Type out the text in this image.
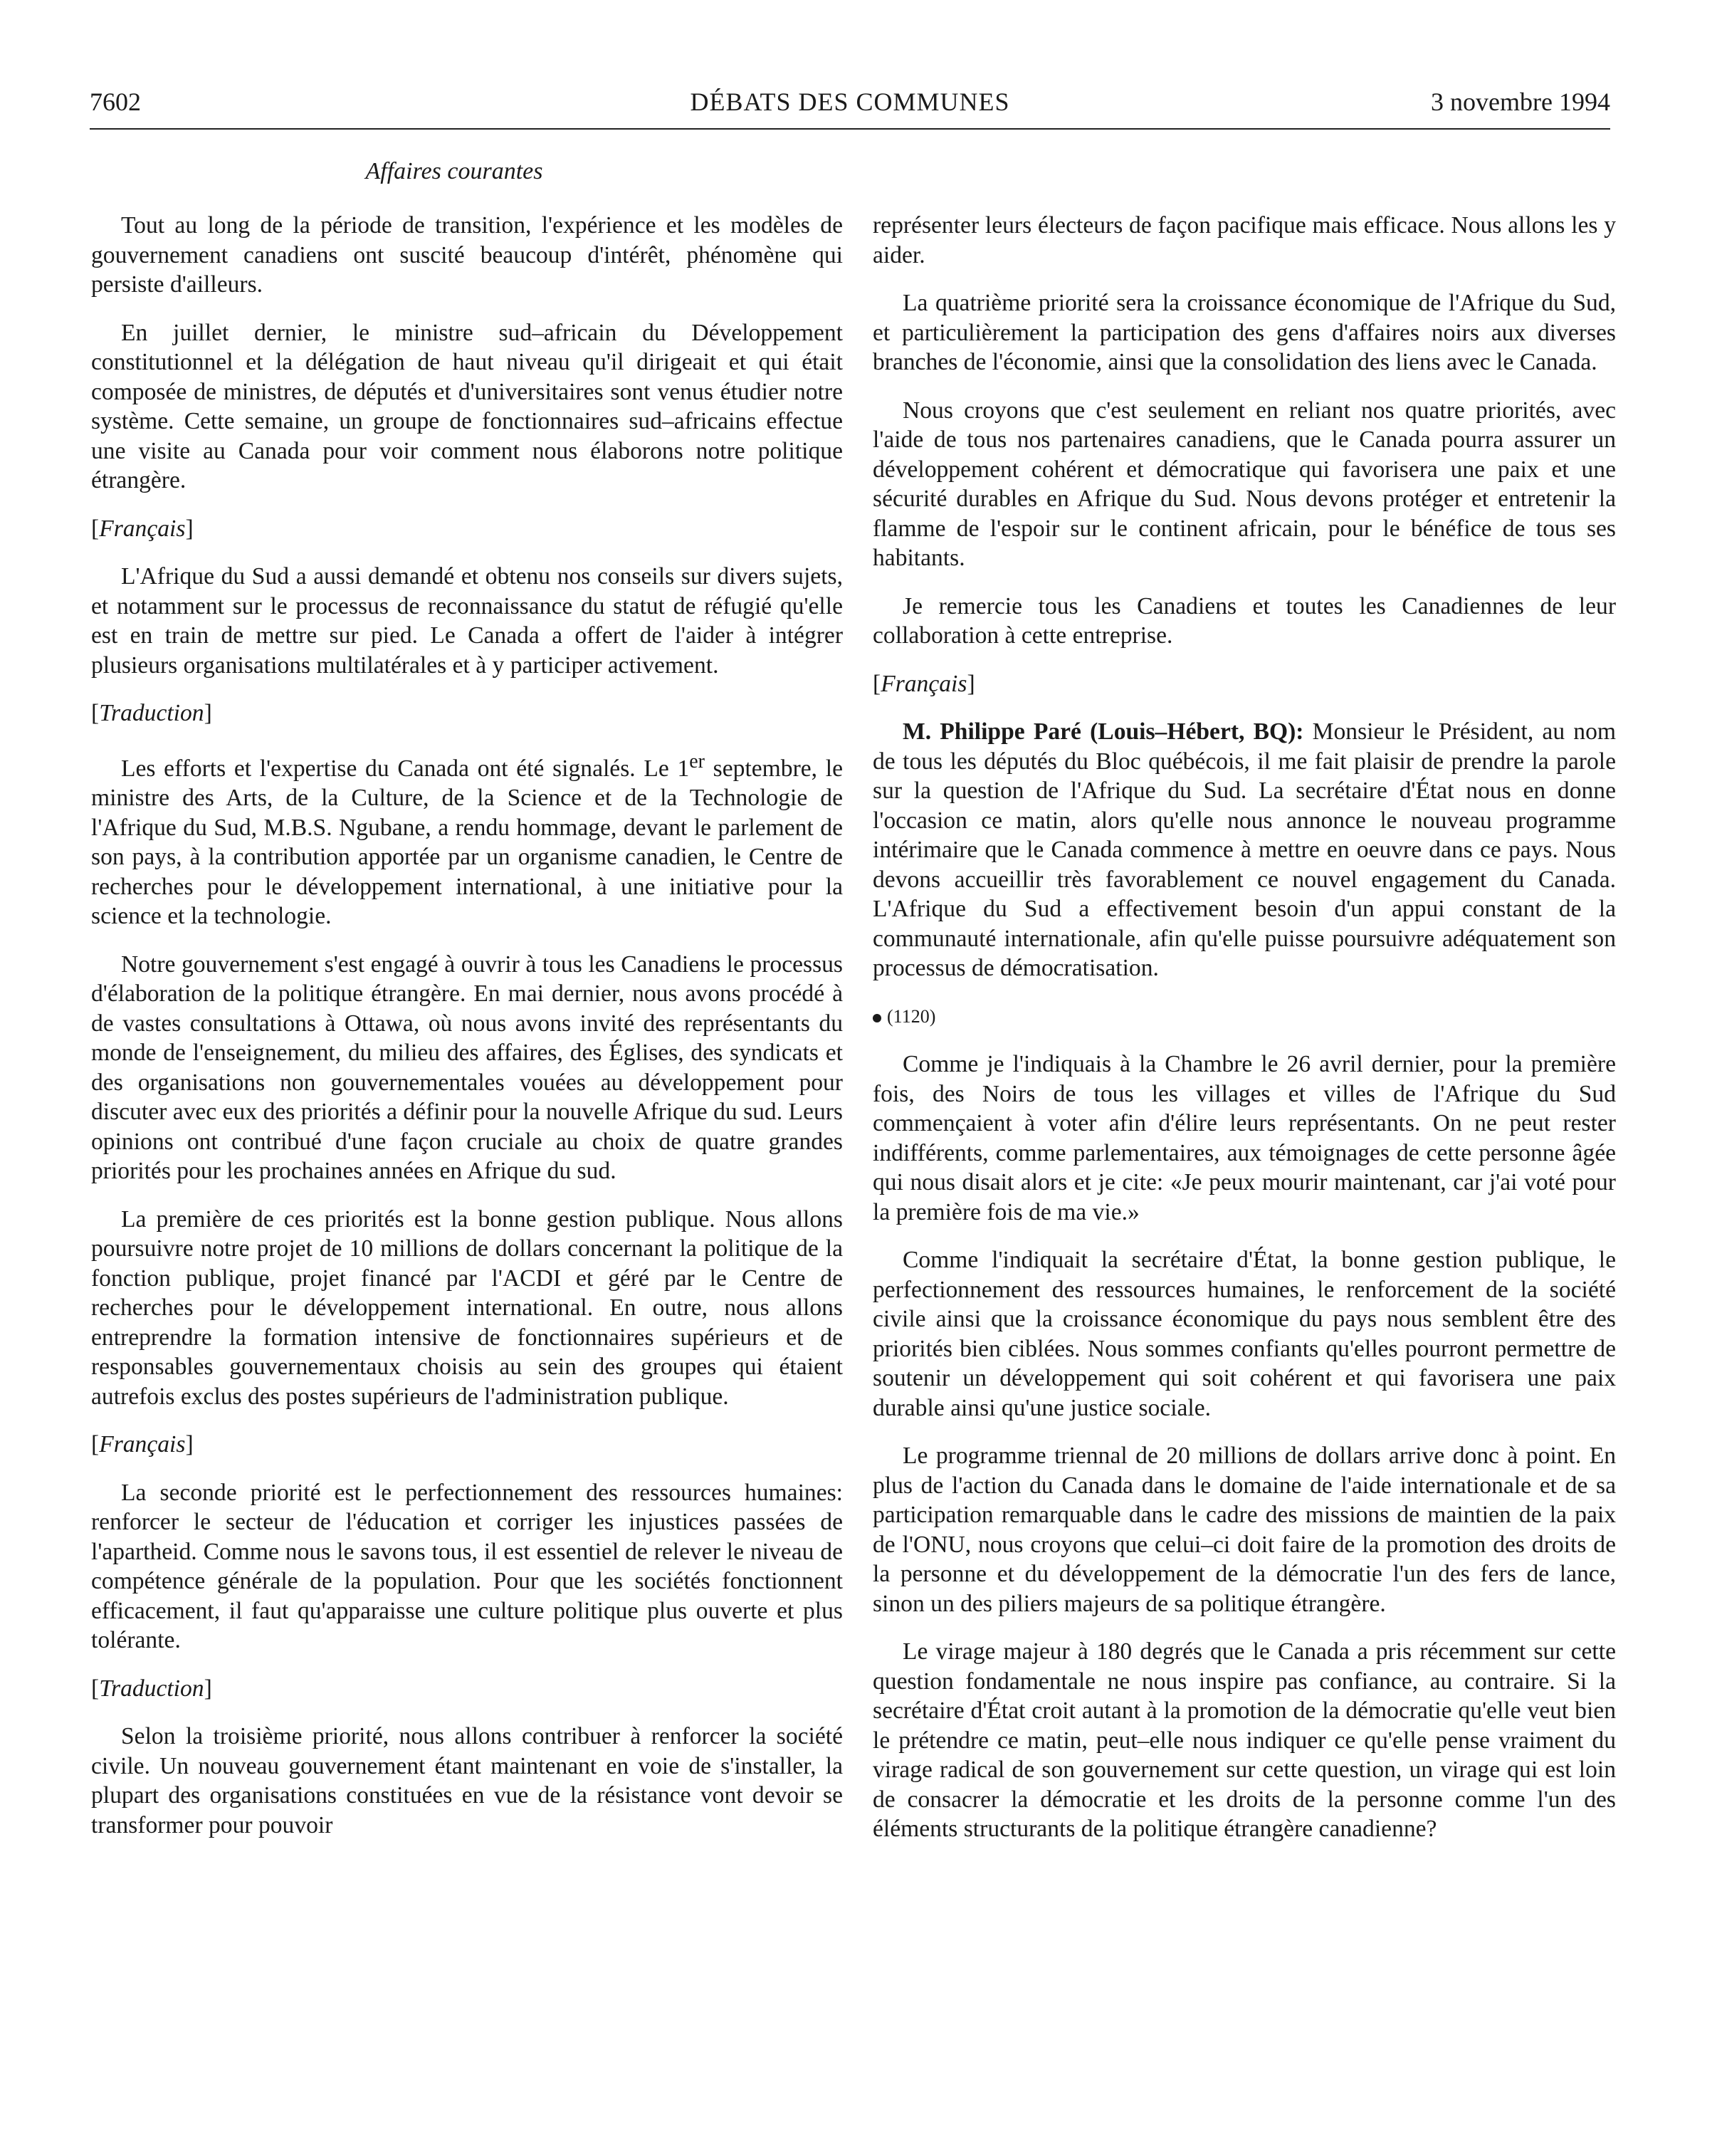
7602	DÉBATS DES COMMUNES	3 novembre 1994
Affaires courantes

Tout au long de la période de transition, l'expérience et les modèles de gouvernement canadiens ont suscité beaucoup d'intérêt, phénomène qui persiste d'ailleurs.

En juillet dernier, le ministre sud–africain du Développement constitutionnel et la délégation de haut niveau qu'il dirigeait et qui était composée de ministres, de députés et d'universitaires sont venus étudier notre système. Cette semaine, un groupe de fonctionnaires sud–africains effectue une visite au Canada pour voir comment nous élaborons notre politique étrangère.

[Français]

L'Afrique du Sud a aussi demandé et obtenu nos conseils sur divers sujets, et notamment sur le processus de reconnaissance du statut de réfugié qu'elle est en train de mettre sur pied. Le Canada a offert de l'aider à intégrer plusieurs organisations multilatérales et à y participer activement.

[Traduction]

Les efforts et l'expertise du Canada ont été signalés. Le 1er septembre, le ministre des Arts, de la Culture, de la Science et de la Technologie de l'Afrique du Sud, M.B.S. Ngubane, a rendu hommage, devant le parlement de son pays, à la contribution apportée par un organisme canadien, le Centre de recherches pour le développement international, à une initiative pour la science et la technologie.

Notre gouvernement s'est engagé à ouvrir à tous les Canadiens le processus d'élaboration de la politique étrangère. En mai dernier, nous avons procédé à de vastes consultations à Ottawa, où nous avons invité des représentants du monde de l'enseignement, du milieu des affaires, des Églises, des syndicats et des organisations non gouvernementales vouées au développement pour discuter avec eux des priorités a définir pour la nouvelle Afrique du sud. Leurs opinions ont contribué d'une façon cruciale au choix de quatre grandes priorités pour les prochaines années en Afrique du sud.

La première de ces priorités est la bonne gestion publique. Nous allons poursuivre notre projet de 10 millions de dollars concernant la politique de la fonction publique, projet financé par l'ACDI et géré par le Centre de recherches pour le développement international. En outre, nous allons entreprendre la formation intensive de fonctionnaires supérieurs et de responsables gouvernementaux choisis au sein des groupes qui étaient autrefois exclus des postes supérieurs de l'administration publique.

[Français]

La seconde priorité est le perfectionnement des ressources humaines: renforcer le secteur de l'éducation et corriger les injustices passées de l'apartheid. Comme nous le savons tous, il est essentiel de relever le niveau de compétence générale de la population. Pour que les sociétés fonctionnent efficacement, il faut qu'apparaisse une culture politique plus ouverte et plus tolérante.

[Traduction]

Selon la troisième priorité, nous allons contribuer à renforcer la société civile. Un nouveau gouvernement étant maintenant en voie de s'installer, la plupart des organisations constituées en vue de la résistance vont devoir se transformer pour pouvoir

représenter leurs électeurs de façon pacifique mais efficace. Nous allons les y aider.

La quatrième priorité sera la croissance économique de l'Afrique du Sud, et particulièrement la participation des gens d'affaires noirs aux diverses branches de l'économie, ainsi que la consolidation des liens avec le Canada.

Nous croyons que c'est seulement en reliant nos quatre priorités, avec l'aide de tous nos partenaires canadiens, que le Canada pourra assurer un développement cohérent et démocratique qui favorisera une paix et une sécurité durables en Afrique du Sud. Nous devons protéger et entretenir la flamme de l'espoir sur le continent africain, pour le bénéfice de tous ses habitants.

Je remercie tous les Canadiens et toutes les Canadiennes de leur collaboration à cette entreprise.

[Français]

M. Philippe Paré (Louis–Hébert, BQ): Monsieur le Président, au nom de tous les députés du Bloc québécois, il me fait plaisir de prendre la parole sur la question de l'Afrique du Sud. La secrétaire d'État nous en donne l'occasion ce matin, alors qu'elle nous annonce le nouveau programme intérimaire que le Canada commence à mettre en oeuvre dans ce pays. Nous devons accueillir très favorablement ce nouvel engagement du Canada. L'Afrique du Sud a effectivement besoin d'un appui constant de la communauté internationale, afin qu'elle puisse poursuivre adéquatement son processus de démocratisation.

(1120)

Comme je l'indiquais à la Chambre le 26 avril dernier, pour la première fois, des Noirs de tous les villages et villes de l'Afrique du Sud commençaient à voter afin d'élire leurs représentants. On ne peut rester indifférents, comme parlementaires, aux témoignages de cette personne âgée qui nous disait alors et je cite: «Je peux mourir maintenant, car j'ai voté pour la première fois de ma vie.»

Comme l'indiquait la secrétaire d'État, la bonne gestion publique, le perfectionnement des ressources humaines, le renforcement de la société civile ainsi que la croissance économique du pays nous semblent être des priorités bien ciblées. Nous sommes confiants qu'elles pourront permettre de soutenir un développement qui soit cohérent et qui favorisera une paix durable ainsi qu'une justice sociale.

Le programme triennal de 20 millions de dollars arrive donc à point. En plus de l'action du Canada dans le domaine de l'aide internationale et de sa participation remarquable dans le cadre des missions de maintien de la paix de l'ONU, nous croyons que celui–ci doit faire de la promotion des droits de la personne et du développement de la démocratie l'un des fers de lance, sinon un des piliers majeurs de sa politique étrangère.

Le virage majeur à 180 degrés que le Canada a pris récemment sur cette question fondamentale ne nous inspire pas confiance, au contraire. Si la secrétaire d'État croit autant à la promotion de la démocratie qu'elle veut bien le prétendre ce matin, peut–elle nous indiquer ce qu'elle pense vraiment du virage radical de son gouvernement sur cette question, un virage qui est loin de consacrer la démocratie et les droits de la personne comme l'un des éléments structurants de la politique étrangère canadienne?
